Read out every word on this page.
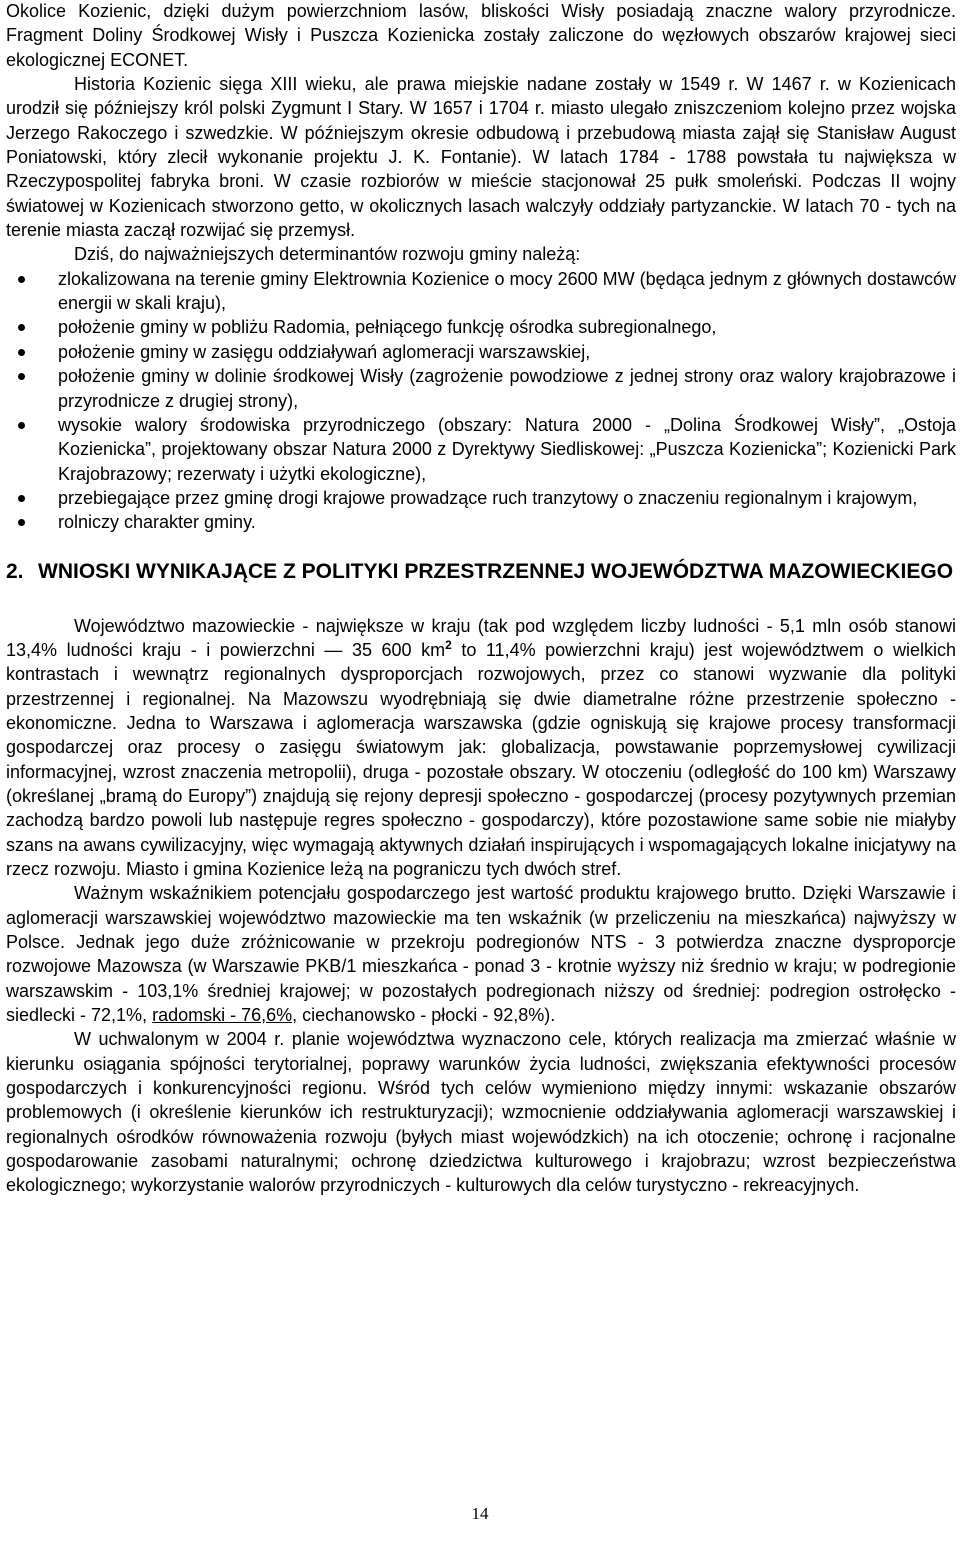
Okolice Kozienic, dzięki dużym powierzchniom lasów, bliskości Wisły posiadają znaczne walory przyrodnicze. Fragment Doliny Środkowej Wisły i Puszcza Kozienicka zostały zaliczone do węzłowych obszarów krajowej sieci ekologicznej ECONET.

Historia Kozienic sięga XIII wieku, ale prawa miejskie nadane zostały w 1549 r. W 1467 r. w Kozienicach urodził się późniejszy król polski Zygmunt I Stary. W 1657 i 1704 r. miasto ulegało zniszczeniom kolejno przez wojska Jerzego Rakoczego i szwedzkie. W późniejszym okresie odbudową i przebudową miasta zajął się Stanisław August Poniatowski, który zlecił wykonanie projektu J. K. Fontanie). W latach 1784 - 1788 powstała tu największa w Rzeczypospolitej fabryka broni. W czasie rozbiorów w mieście stacjonował 25 pułk smoleński. Podczas II wojny światowej w Kozienicach stworzono getto, w okolicznych lasach walczyły oddziały partyzanckie. W latach 70 - tych na terenie miasta zaczął rozwijać się przemysł.

Dziś, do najważniejszych determinantów rozwoju gminy należą:

zlokalizowana na terenie gminy Elektrownia Kozienice o mocy 2600 MW (będąca jednym z głównych dostawców energii w skali kraju),
położenie gminy w pobliżu Radomia, pełniącego funkcję ośrodka subregionalnego,
położenie gminy w zasięgu oddziaływań aglomeracji warszawskiej,
położenie gminy w dolinie środkowej Wisły (zagrożenie powodziowe z jednej strony oraz walory krajobrazowe i przyrodnicze z drugiej strony),
wysokie walory środowiska przyrodniczego (obszary: Natura 2000 - „Dolina Środkowej Wisły”, „Ostoja Kozienicka”, projektowany obszar Natura 2000 z Dyrektywy Siedliskowej: „Puszcza Kozienicka”; Kozienicki Park Krajobrazowy; rezerwaty i użytki ekologiczne),
przebiegające przez gminę drogi krajowe prowadzące ruch tranzytowy o znaczeniu regionalnym i krajowym,
rolniczy charakter gminy.
2. WNIOSKI WYNIKAJĄCE Z POLITYKI PRZESTRZENNEJ WOJEWÓDZTWA MAZOWIECKIEGO

Województwo mazowieckie - największe w kraju (tak pod względem liczby ludności - 5,1 mln osób stanowi 13,4% ludności kraju - i powierzchni — 35 600 $km^2$ to 11,4% powierzchni kraju) jest województwem o wielkich kontrastach i wewnątrz regionalnych dysproporcjach rozwojowych, przez co stanowi wyzwanie dla polityki przestrzennej i regionalnej. Na Mazowszu wyodrębniają się dwie diametralne różne przestrzenie społeczno - ekonomiczne. Jedna to Warszawa i aglomeracja warszawska (gdzie ogniskują się krajowe procesy transformacji gospodarczej oraz procesy o zasięgu światowym jak: globalizacja, powstawanie poprzemysłowej cywilizacji informacyjnej, wzrost znaczenia metropolii), druga - pozostałe obszary. W otoczeniu (odległość do 100 km) Warszawy (określanej „bramą do Europy”) znajdują się rejony depresji społeczno - gospodarczej (procesy pozytywnych przemian zachodzą bardzo powoli lub następuje regres społeczno - gospodarczy), które pozostawione same sobie nie miałyby szans na awans cywilizacyjny, więc wymagają aktywnych działań inspirujących i wspomagających lokalne inicjatywy na rzecz rozwoju. Miasto i gmina Kozienice leżą na pograniczu tych dwóch stref.

Ważnym wskaźnikiem potencjału gospodarczego jest wartość produktu krajowego brutto. Dzięki Warszawie i aglomeracji warszawskiej województwo mazowieckie ma ten wskaźnik (w przeliczeniu na mieszkańca) najwyższy w Polsce. Jednak jego duże zróżnicowanie w przekroju podregionów NTS - 3 potwierdza znaczne dysproporcje rozwojowe Mazowsza (w Warszawie PKB/1 mieszkańca - ponad 3 - krotnie wyższy niż średnio w kraju; w podregionie warszawskim - 103,1% średniej krajowej; w pozostałych podregionach niższy od średniej: podregion ostrołęcko - siedlecki - 72,1%, radomski - 76,6%, ciechanowsko - płocki - 92,8%).

W uchwalonym w 2004 r. planie województwa wyznaczono cele, których realizacja ma zmierzać właśnie w kierunku osiągania spójności terytorialnej, poprawy warunków życia ludności, zwiększania efektywności procesów gospodarczych i konkurencyjności regionu. Wśród tych celów wymieniono między innymi: wskazanie obszarów problemowych (i określenie kierunków ich restrukturyzacji); wzmocnienie oddziaływania aglomeracji warszawskiej i regionalnych ośrodków równoważenia rozwoju (byłych miast wojewódzkich) na ich otoczenie; ochronę i racjonalne gospodarowanie zasobami naturalnymi; ochronę dziedzictwa kulturowego i krajobrazu; wzrost bezpieczeństwa ekologicznego; wykorzystanie walorów przyrodniczych - kulturowych dla celów turystyczno - rekreacyjnych.

14
